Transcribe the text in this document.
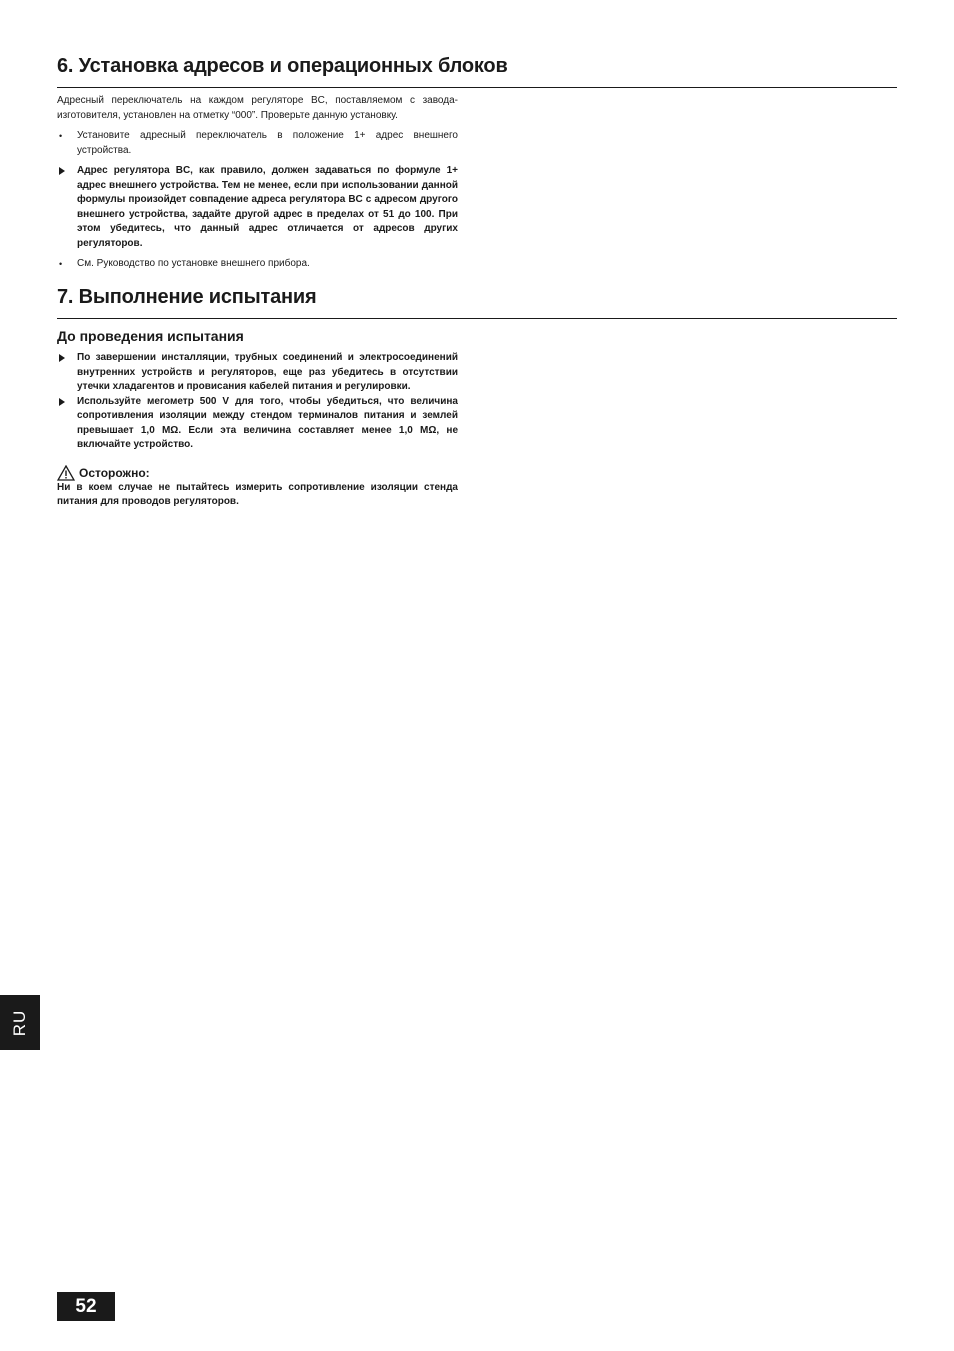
6. Установка адресов и операционных блоков

Адресный переключатель на каждом регуляторе BC, поставляемом с завода-изготовителя, установлен на отметку “000”. Проверьте данную установку.

• Установите адресный переключатель в положение 1+ адрес внешнего устройства.
Адрес регулятора BC, как правило, должен задаваться по формуле 1+ адрес внешнего устройства. Тем не менее, если при использовании данной формулы произойдет совпадение адреса регулятора BC с адресом другого внешнего устройства, задайте другой адрес в пределах от 51 до 100. При этом убедитесь, что данный адрес отличается от адресов других регуляторов.
• См. Руководство по установке внешнего прибора.
7. Выполнение испытания
До проведения испытания
По завершении инсталляции, трубных соединений и электросоединений внутренних устройств и регуляторов, еще раз убедитесь в отсутствии утечки хладагентов и провисания кабелей питания и регулировки.
Используйте мегометр 500 V для того, чтобы убедиться, что величина сопротивления изоляции между стендом терминалов питания и землей превышает 1,0 MΩ. Если эта величина составляет менее 1,0 MΩ, не включайте устройство.

Осторожно:

Ни в коем случае не пытайтесь измерить сопротивление изоляции стенда питания для проводов регуляторов.

RU
52
